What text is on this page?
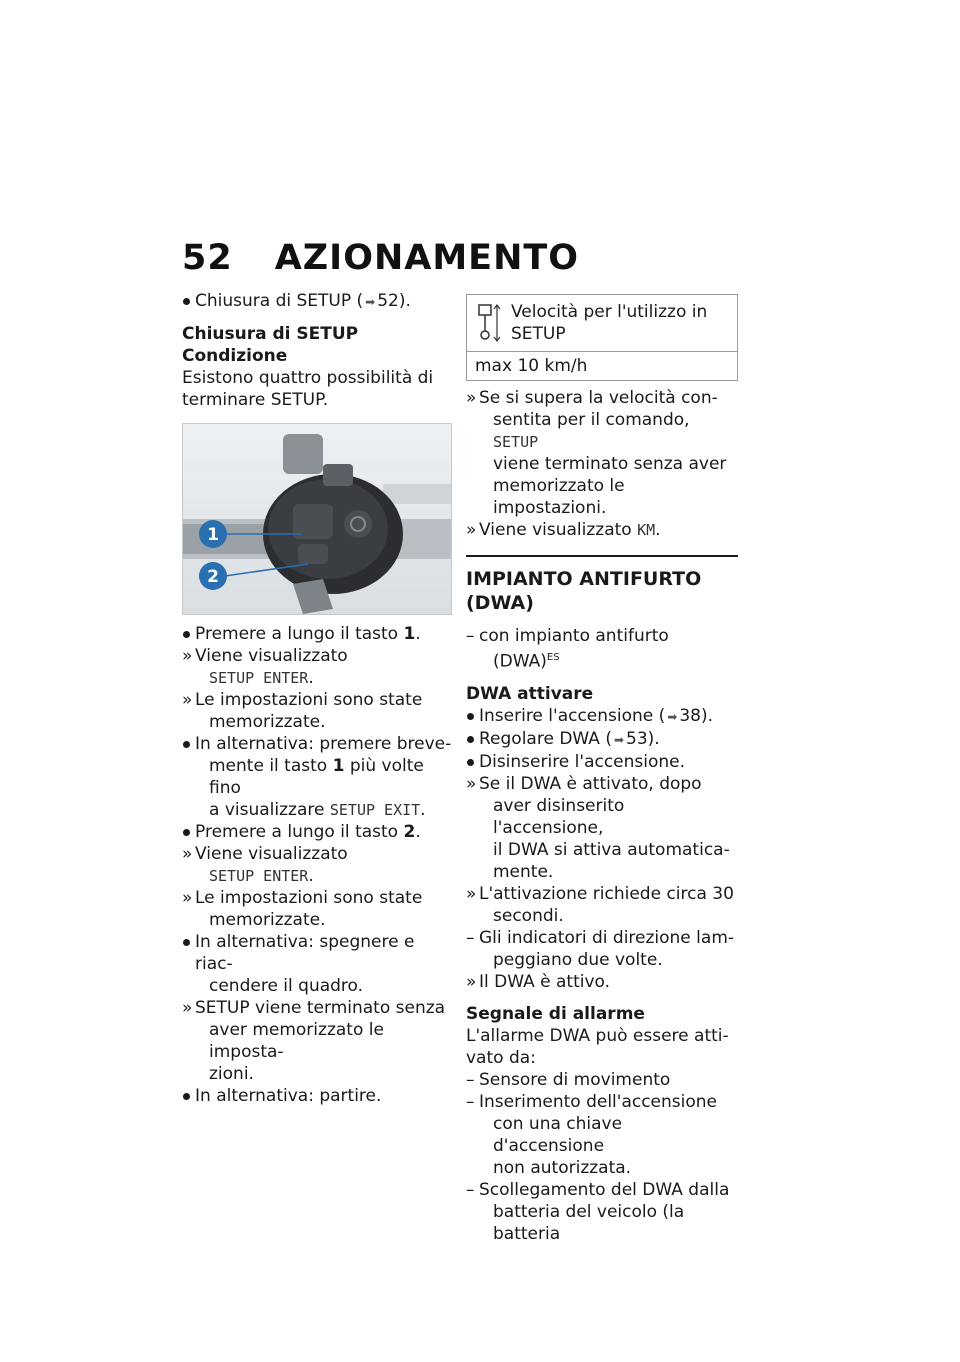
52 AZIONAMENTO
Chiusura di SETUP ( ➡ 52).

Chiusura di SETUP

Condizione

Esistono quattro possibilità di terminare SETUP.

1
2
Premere a lungo il tasto 1.
» Viene visualizzato
SETUP ENTER.
» Le impostazioni sono state
memorizzate.
In alternativa: premere breve-
mente il tasto 1 più volte fino
a visualizzare SETUP EXIT.
Premere a lungo il tasto 2.
» Viene visualizzato
SETUP ENTER.
» Le impostazioni sono state
memorizzate.
In alternativa: spegnere e riac-
cendere il quadro.
» SETUP viene terminato senza
aver memorizzato le imposta-
zioni.
In alternativa: partire.
Velocità per l'utilizzo in
SETUP
max 10 km/h
» Se si supera la velocità con-
sentita per il comando, SETUP
viene terminato senza aver
memorizzato le impostazioni.
» Viene visualizzato KM.

IMPIANTO ANTIFURTO

(DWA)

– con impianto antifurto
(DWA)$^{ES}$

DWA attivare

Inserire l'accensione ( ➡ 38).
Regolare DWA ( ➡ 53).
Disinserire l'accensione.
» Se il DWA è attivato, dopo
aver disinserito l'accensione,
il DWA si attiva automatica-
mente.
» L'attivazione richiede circa 30
secondi.
– Gli indicatori di direzione lam-
peggiano due volte.
» Il DWA è attivo.

Segnale di allarme

L'allarme DWA può essere atti-

vato da:

– Sensore di movimento
– Inserimento dell'accensione
con una chiave d'accensione
non autorizzata.
– Scollegamento del DWA dalla
batteria del veicolo (la batteria
